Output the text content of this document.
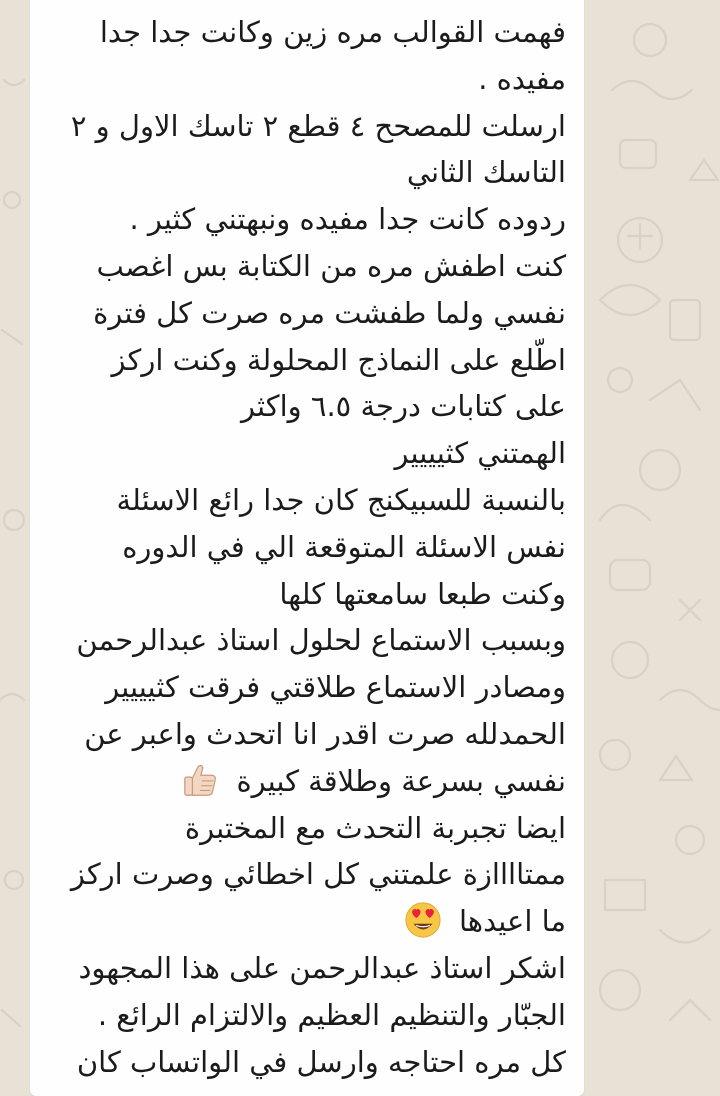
فهمت القوالب مره زين وكانت جدا جدا
مفيده .
ارسلت للمصحح ٤ قطع ٢ تاسك الاول و ٢
التاسك الثاني
ردوده كانت جدا مفيده ونبهتني كثير .
كنت اطفش مره من الكتابة بس اغصب
نفسي ولما طفشت مره صرت كل فترة
اطّلع على النماذج المحلولة وكنت اركز
على كتابات درجة ٦.٥ واكثر
الهمتني كثيييير
بالنسبة للسبيكنج كان جدا رائع الاسئلة
نفس الاسئلة المتوقعة الي في الدوره
وكنت طبعا سامعتها كلها
وبسبب الاستماع لحلول استاذ عبدالرحمن
ومصادر الاستماع طلاقتي فرقت كثيييير
الحمدلله صرت اقدر انا اتحدث واعبر عن
نفسي بسرعة وطلاقة كبيرة
ايضا تجبربة التحدث مع المختبرة
ممتاااازة علمتني كل اخطائي وصرت اركز
ما اعيدها
اشكر استاذ عبدالرحمن على هذا المجهود
الجبّار والتنظيم العظيم والالتزام الرائع .
كل مره احتاجه وارسل في الواتساب كان
